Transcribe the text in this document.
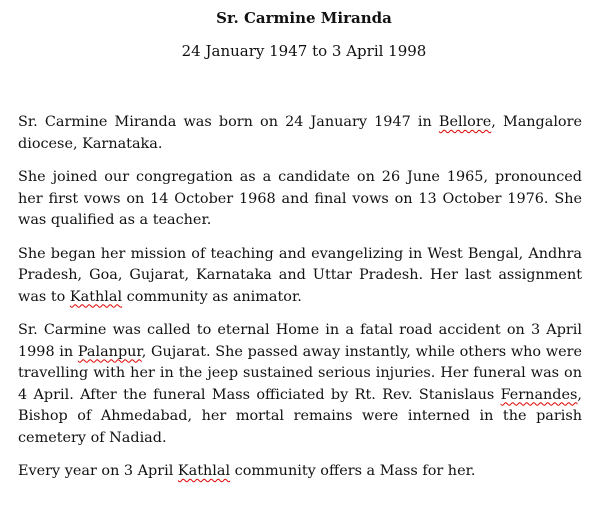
Sr. Carmine Miranda
24 January 1947 to 3 April 1998

Sr. Carmine Miranda was born on 24 January 1947 in Bellore, Mangalore diocese, Karnataka.

She joined our congregation as a candidate on 26 June 1965, pronounced her first vows on 14 October 1968 and final vows on 13 October 1976. She was qualified as a teacher.

She began her mission of teaching and evangelizing in West Bengal, Andhra Pradesh, Goa, Gujarat, Karnataka and Uttar Pradesh. Her last assignment was to Kathlal community as animator.

Sr. Carmine was called to eternal Home in a fatal road accident on 3 April 1998 in Palanpur, Gujarat. She passed away instantly, while others who were travelling with her in the jeep sustained serious injuries. Her funeral was on 4 April. After the funeral Mass officiated by Rt. Rev. Stanislaus Fernandes, Bishop of Ahmedabad, her mortal remains were interned in the parish cemetery of Nadiad.

Every year on 3 April Kathlal community offers a Mass for her.
